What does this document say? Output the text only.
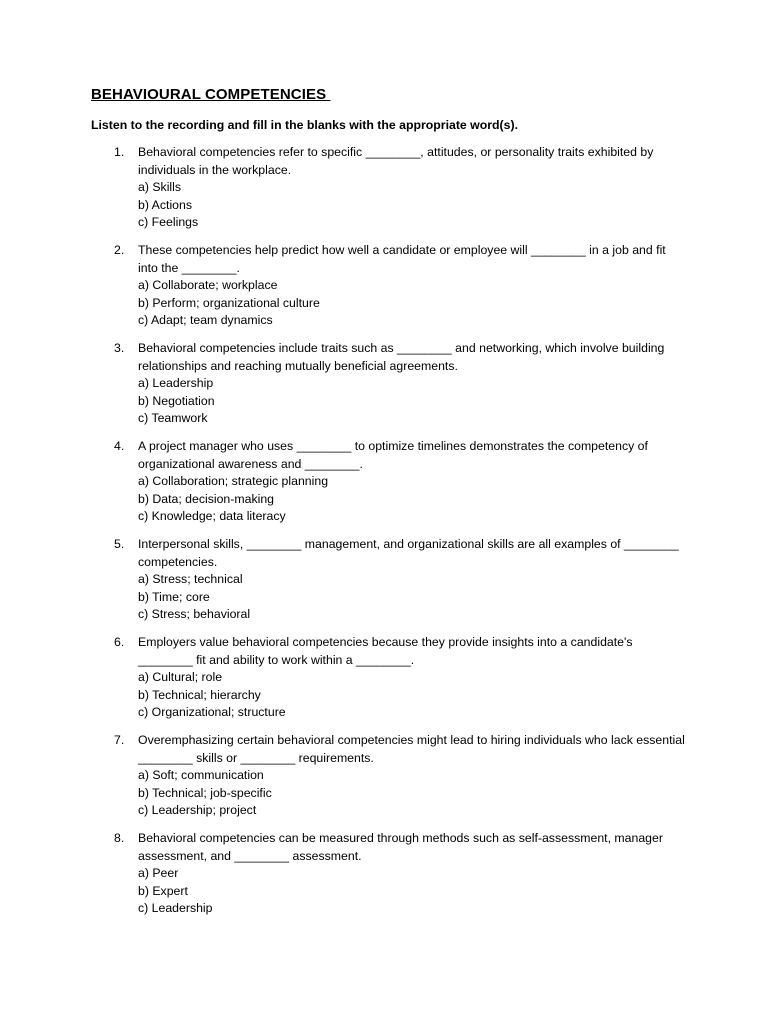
BEHAVIOURAL COMPETENCIES

Listen to the recording and fill in the blanks with the appropriate word(s).

1. Behavioral competencies refer to specific ________, attitudes, or personality traits exhibited by individuals in the workplace.
a) Skills
b) Actions
c) Feelings
2. These competencies help predict how well a candidate or employee will ________ in a job and fit into the ________.
a) Collaborate; workplace
b) Perform; organizational culture
c) Adapt; team dynamics
3. Behavioral competencies include traits such as ________ and networking, which involve building relationships and reaching mutually beneficial agreements.
a) Leadership
b) Negotiation
c) Teamwork
4. A project manager who uses ________ to optimize timelines demonstrates the competency of organizational awareness and ________.
a) Collaboration; strategic planning
b) Data; decision-making
c) Knowledge; data literacy
5. Interpersonal skills, ________ management, and organizational skills are all examples of ________ competencies.
a) Stress; technical
b) Time; core
c) Stress; behavioral
6. Employers value behavioral competencies because they provide insights into a candidate's ________ fit and ability to work within a ________.
a) Cultural; role
b) Technical; hierarchy
c) Organizational; structure
7. Overemphasizing certain behavioral competencies might lead to hiring individuals who lack essential ________ skills or ________ requirements.
a) Soft; communication
b) Technical; job-specific
c) Leadership; project
8. Behavioral competencies can be measured through methods such as self-assessment, manager assessment, and ________ assessment.
a) Peer
b) Expert
c) Leadership
